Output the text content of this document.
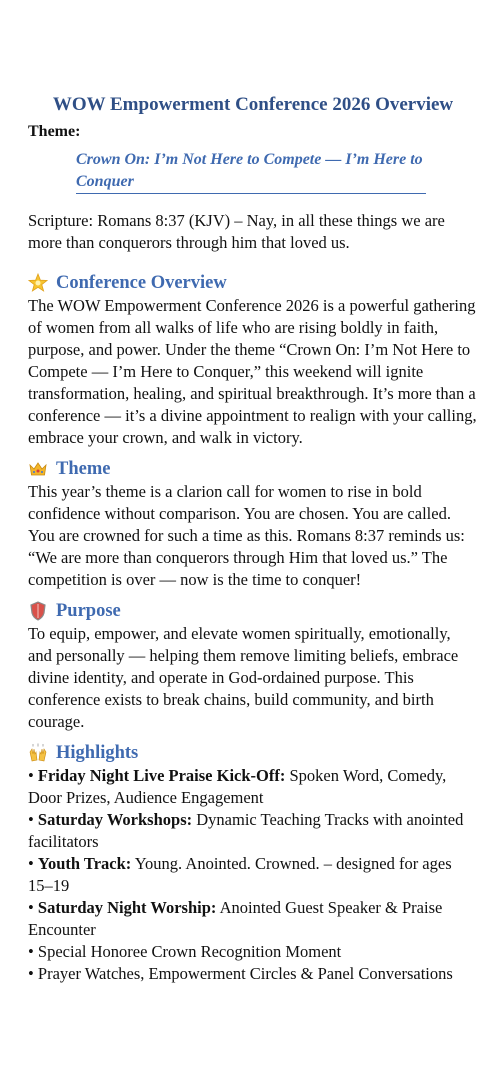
WOW Empowerment Conference 2026 Overview
Theme:
Crown On: I’m Not Here to Compete — I’m Here to Conquer

Scripture: Romans 8:37 (KJV) – Nay, in all these things we are more than conquerors through him that loved us.

Conference Overview

The WOW Empowerment Conference 2026 is a powerful gathering of women from all walks of life who are rising boldly in faith, purpose, and power. Under the theme “Crown On: I’m Not Here to Compete — I’m Here to Conquer,” this weekend will ignite transformation, healing, and spiritual breakthrough. It’s more than a conference — it’s a divine appointment to realign with your calling, embrace your crown, and walk in victory.

Theme

This year’s theme is a clarion call for women to rise in bold confidence without comparison. You are chosen. You are called. You are crowned for such a time as this. Romans 8:37 reminds us: “We are more than conquerors through Him that loved us.” The competition is over — now is the time to conquer!

Purpose

To equip, empower, and elevate women spiritually, emotionally, and personally — helping them remove limiting beliefs, embrace divine identity, and operate in God-ordained purpose. This conference exists to break chains, build community, and birth courage.

Highlights
• Friday Night Live Praise Kick-Off: Spoken Word, Comedy, Door Prizes, Audience Engagement
• Saturday Workshops: Dynamic Teaching Tracks with anointed facilitators
• Youth Track: Young. Anointed. Crowned. – designed for ages 15–19
• Saturday Night Worship: Anointed Guest Speaker & Praise Encounter
• Special Honoree Crown Recognition Moment
• Prayer Watches, Empowerment Circles & Panel Conversations
